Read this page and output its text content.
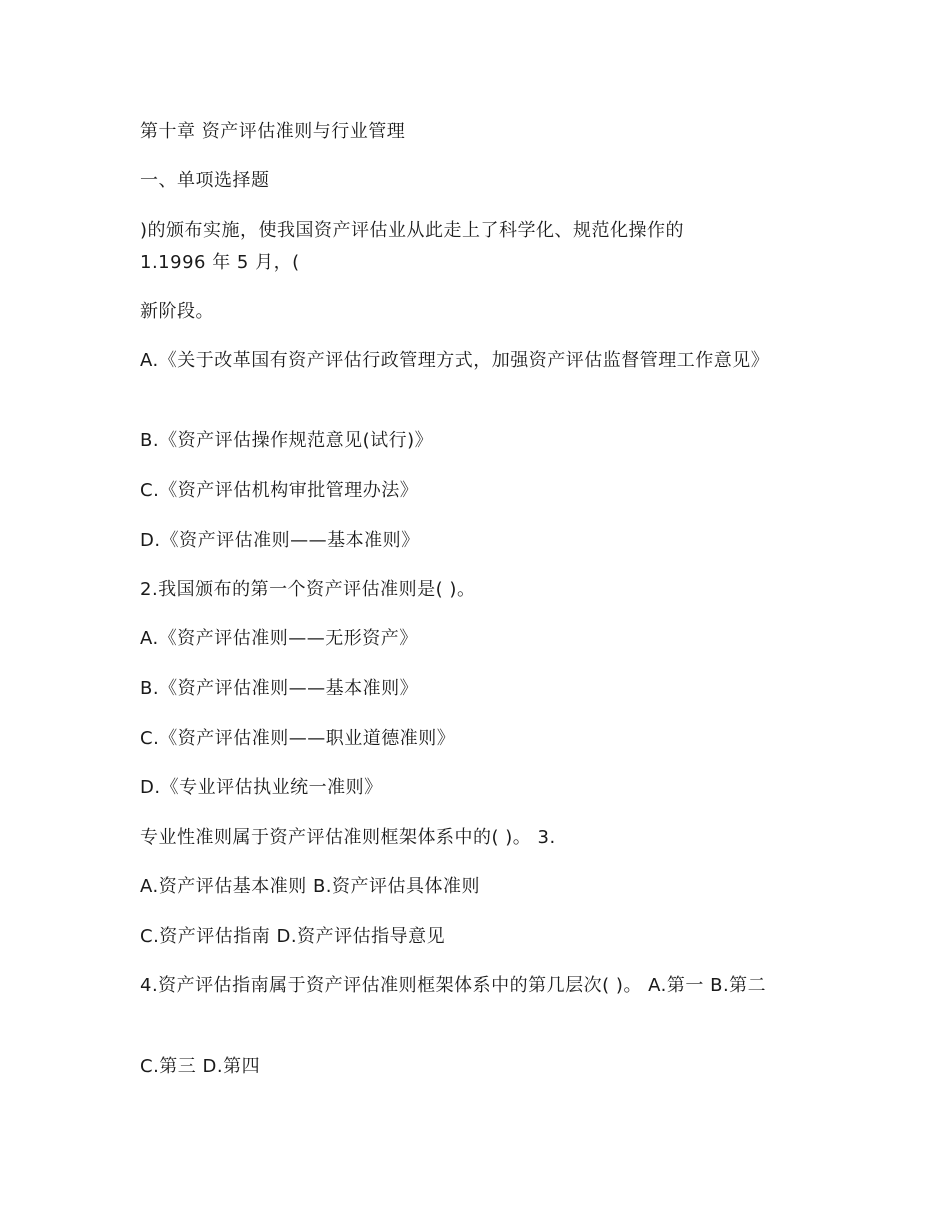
第十章 资产评估准则与行业管理
一、单项选择题
)的颁布实施，使我国资产评估业从此走上了科学化、规范化操作的
1.1996 年 5 月，(
新阶段。
A.《关于改革国有资产评估行政管理方式，加强资产评估监督管理工作意见》
B.《资产评估操作规范意见(试行)》
C.《资产评估机构审批管理办法》
D.《资产评估准则——基本准则》
2.我国颁布的第一个资产评估准则是( )。
A.《资产评估准则——无形资产》
B.《资产评估准则——基本准则》
C.《资产评估准则——职业道德准则》
D.《专业评估执业统一准则》
专业性准则属于资产评估准则框架体系中的( )。 3.
A.资产评估基本准则 B.资产评估具体准则
C.资产评估指南 D.资产评估指导意见
4.资产评估指南属于资产评估准则框架体系中的第几层次( )。 A.第一 B.第二
C.第三 D.第四
